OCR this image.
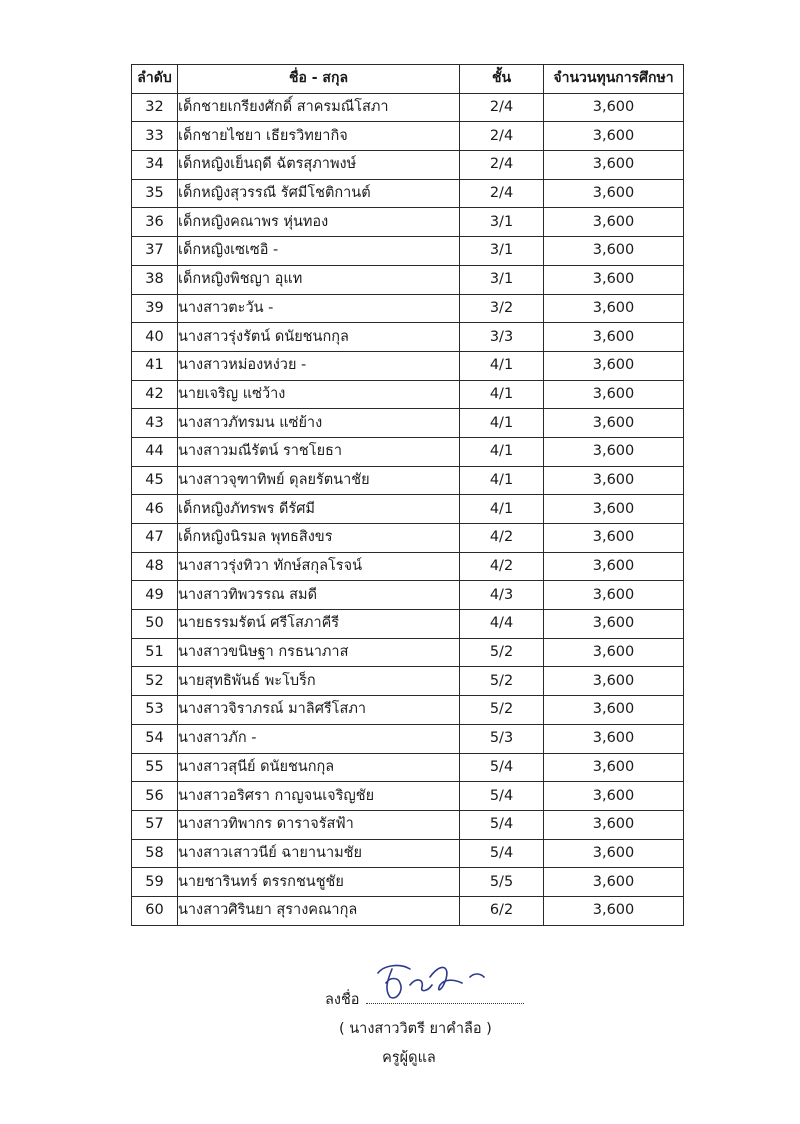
ลำดับ	ชื่อ - สกุล	ชั้น	จำนวนทุนการศึกษา
32	เด็กชายเกรียงศักดิ์ สาครมณีโสภา	2/4	3,600
33	เด็กชายไชยา เธียรวิทยากิจ	2/4	3,600
34	เด็กหญิงเย็นฤดี ฉัตรสุภาพงษ์	2/4	3,600
35	เด็กหญิงสุวรรณี รัศมีโชติกานต์	2/4	3,600
36	เด็กหญิงคณาพร หุ่นทอง	3/1	3,600
37	เด็กหญิงเซเซอิ -	3/1	3,600
38	เด็กหญิงพิชญา อุแท	3/1	3,600
39	นางสาวตะวัน -	3/2	3,600
40	นางสาวรุ่งรัตน์ ดนัยชนกกุล	3/3	3,600
41	นางสาวหม่องหง่วย -	4/1	3,600
42	นายเจริญ แซ่ว้าง	4/1	3,600
43	นางสาวภัทรมน แซ่ย้าง	4/1	3,600
44	นางสาวมณีรัตน์ ราชโยธา	4/1	3,600
45	นางสาวจุฑาทิพย์ ดุลยรัตนาชัย	4/1	3,600
46	เด็กหญิงภัทรพร ดีรัศมี	4/1	3,600
47	เด็กหญิงนิรมล พุทธสิงขร	4/2	3,600
48	นางสาวรุ่งทิวา ทักษ์สกุลโรจน์	4/2	3,600
49	นางสาวทิพวรรณ สมดี	4/3	3,600
50	นายธรรมรัตน์ ศรีโสภาคีรี	4/4	3,600
51	นางสาวขนิษฐา กรธนาภาส	5/2	3,600
52	นายสุทธิพันธ์ พะโบร็ก	5/2	3,600
53	นางสาวจิราภรณ์ มาลิศรีโสภา	5/2	3,600
54	นางสาวภัก -	5/3	3,600
55	นางสาวสุนีย์ ดนัยชนกกุล	5/4	3,600
56	นางสาวอริศรา กาญจนเจริญชัย	5/4	3,600
57	นางสาวทิพากร ดาราจรัสฟ้า	5/4	3,600
58	นางสาวเสาวนีย์ ฉายานามชัย	5/4	3,600
59	นายชารินทร์ ตรรกชนชูชัย	5/5	3,600
60	นางสาวศิรินยา สุรางคณากุล	6/2	3,600
ลงชื่อ
( นางสาววิตรี ยาคำลือ )
ครูผู้ดูแล
